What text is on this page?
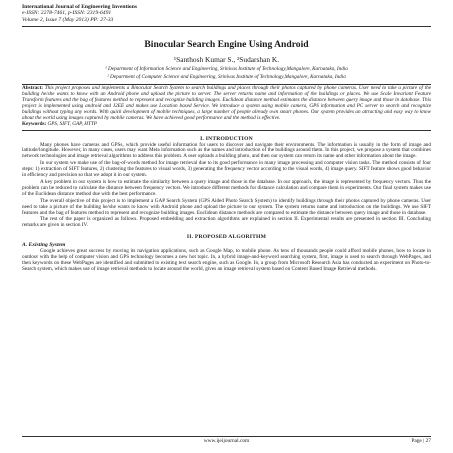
International Journal of Engineering Inventions
e-ISSN: 2278-7461, p-ISSN: 2319-6491
Volume 2, Issue 7 (May 2013) PP: 27-33
Binocular Search Engine Using Android
¹Santhosh Kumar S., ²Sudarshan K.
¹ Department of Information Science and Engineering, Srinivas Institute of Technology,Mangalore, Karnataka, India
² Department of Computer Science and Engineering, Srinivas Institute of Technology,Mangalore, Karnataka, India
Abstract: This project proposes and implements a Binocular Search System to search buildings and places through their photos captured by phone cameras. User need to take a picture of the building he/she wants to know with an Android phone and upload the picture to server. The server returns name and information of the buildings or places. We use Scale Invariant Feature Transform features and the bag of features method to represent and recognize building images. Euclidean distance method estimates the distance between query image and those in database. This project is implemented using android and J2EE and makes use Location based Service. We introduce a system using mobile camera, GPS information and PC server to search and recognize buildings without typing any words. With quick development of mobile techniques, a large number of people already own smart phones. Our system provides an attracting and easy way to know about the world using images captured by mobile cameras. We have achieved good performance and the method is effective.
Keywords: GPS, SIFT, GAP, HTTP
I. INTRODUCTION

Many phones have cameras and GPSs, which provide useful information for users to discover and navigate their environments. The information is usually in the form of image and latitude/longitude. However, in many cases, users may want Meta information such as the names and introduction of the buildings around them. In this project, we propose a system that combines network technologies and image retrieval algorithms to address this problem. A user uploads a building photo, and then our system can return its name and other information about the image.

In our system we make use of the bag-of-words method for image retrieval due to its good performance in many image processing and computer vision tasks. The method consists of four steps: 1) extraction of SIFT features, 2) clustering the features to visual words, 3) generating the frequency vector according to the visual words, 4) image query. SIFT feature shows good behavior in efficiency and precision so that we adopt it in our system.

A key problem in our system is how to estimate the similarity between a query image and those in the database. In our approach, the image is represented by frequency vectors. Thus the problem can be reduced to calculate the distance between frequency vectors. We introduce different methods for distance calculation and compare them in experiments. Our final system makes use of the Euclidean distance method due with the best performance.

The overall objective of this project is to implement a GAP Search System (GPS Aided Photo Search System) to identify buildings through their photos captured by phone cameras. User need to take a picture of the building he/she wants to know with Android phone and upload the picture to our system. The system returns name and introduction on the buildings. We use SIFT features and the bag of features method to represent and recognize building images. Euclidean distance methods are compared to estimate the distance between query image and those in database.

The rest of the paper is organized as follows. Proposed embedding and extraction algorithms are explained in section II. Experimental results are presented in section III. Concluding remarks are given in section IV.

II. PROPOSED ALGORITHM
A. Existing System

Google achieves great success by moving its navigation applications, such as Google Map, to mobile phone. As tens of thousands people could afford mobile phones, how to locate in outdoor with the help of computer vision and GPS technology becomes a new hot topic. In, a hybrid image-and-keyword searching system, first, image is used to search through WebPages, and then keywords on these WebPages are identified and submitted to existing text search engine, such as Google. In, a group from Microsoft Research Asia has conducted an experiment on Photo-to-Search system, which makes use of image retrieval methods to locate around the world, gives an image retrieval system based on Content Based Image Retrieval methods.

www.ijeijournal.com	Page | 27
